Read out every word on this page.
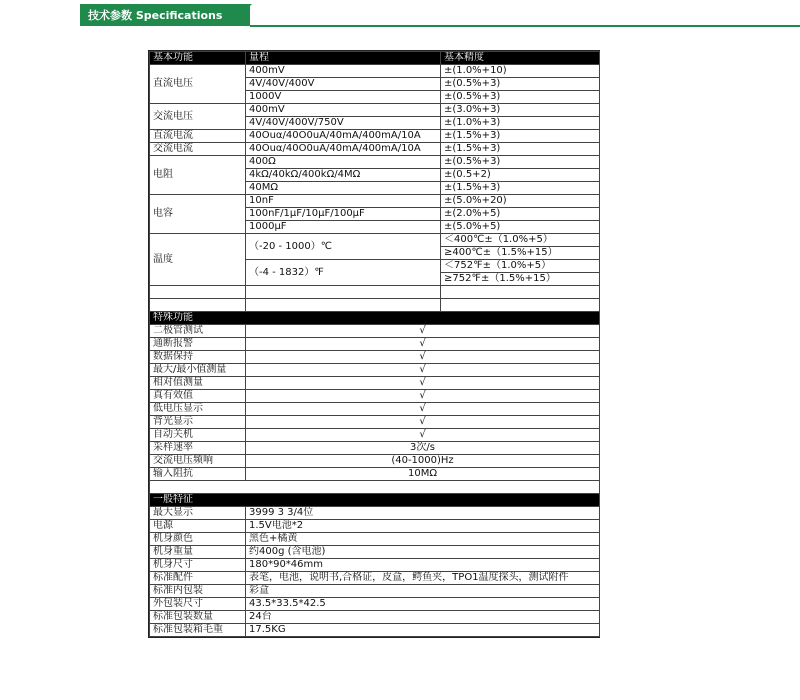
技术参数 Specifications
基本功能	量程	基本精度
直流电压	400mV	±(1.0%+10)
	4V/40V/400V	±(0.5%+3)
	1000V	±(0.5%+3)
交流电压	400mV	±(3.0%+3)
	4V/40V/400V/750V	±(1.0%+3)
直流电流	40Ouα/40O0uA/40mA/400mA/10A	±(1.5%+3)
交流电流	40Ouα/40O0uA/40mA/400mA/10A	±(1.5%+3)
电阻	400Ω	±(0.5%+3)
	4kΩ/40kΩ/400kΩ/4MΩ	±(0.5+2)
	40MΩ	±(1.5%+3)
电容	10nF	±(5.0%+20)
	100nF/1μF/10μF/100μF	±(2.0%+5)
	1000μF	±(5.0%+5)
温度	（-20 - 1000）℃	＜400℃±（1.0%+5）
		≥400℃±（1.5%+15）
	（-4 - 1832）℉	＜752℉±（1.0%+5）
		≥752℉±（1.5%+15）

特殊功能		
二极管测试	√	
通断报警	√	
数据保持	√	
最大/最小值测量	√	
相对值测量	√	
真有效值	√	
低电压显示	√	
背光显示	√	
自动关机	√	
采样速率	3次/s	
交流电压频响	(40-1000)Hz	
输入阻抗	10MΩ	

一般特征		
最大显示	3999 3 3/4位	
电源	1.5V电池*2	
机身颜色	黑色+橘黄	
机身重量	约400g (含电池)	
机身尺寸	180*90*46mm	
标准配件	表笔，电池，说明书,合格证，皮盒，鳄鱼夹，TPO1温度探头，测试附件	
标准内包装	彩盒	
外包装尺寸	43.5*33.5*42.5	
标准包装数量	24台	
标准包装箱毛重	17.5KG	
